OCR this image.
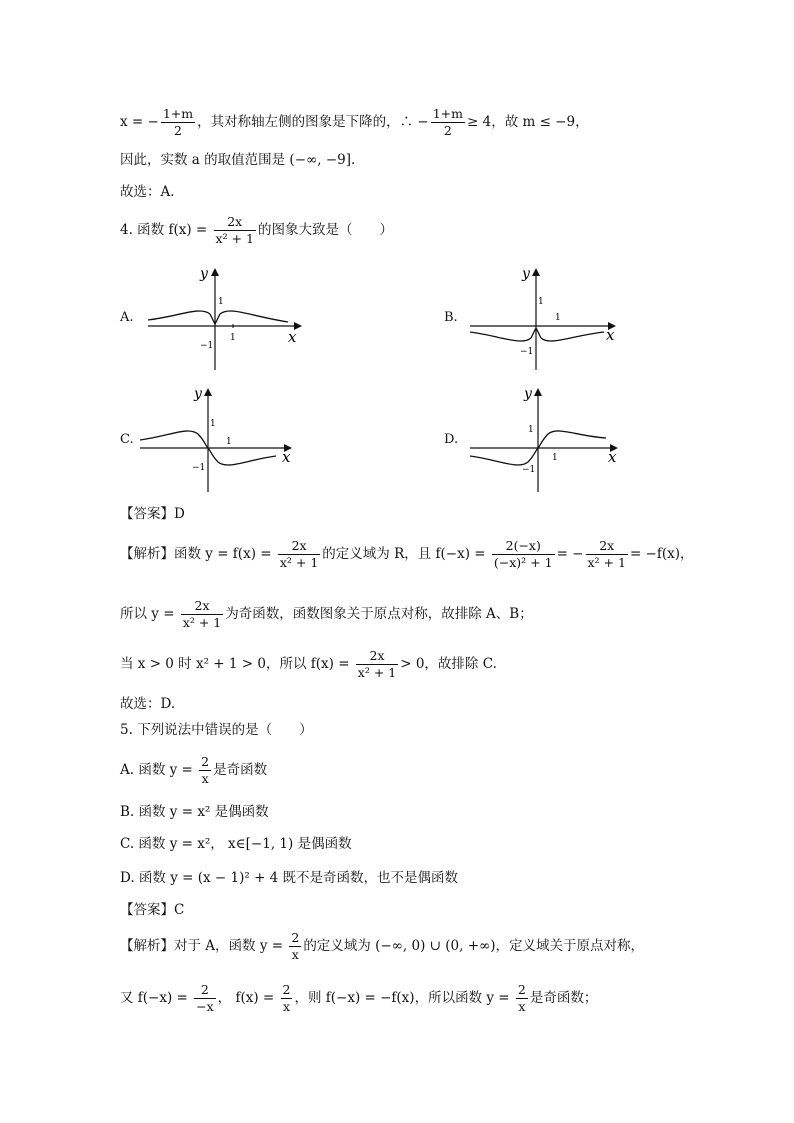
x = − $\frac{1+m}{2}$ ，其对称轴左侧的图象是下降的，∴ − $\frac{1+m}{2} \ge 4$，故 m ≤ −9，
因此，实数 a 的取值范围是 (−∞, −9].
故选：A.
4. 函数 $f(x) = \frac{2x}{\text{x² + 1}}$ 的图象大致是（　　）
A.	B.
C.	D.
y
x
1
1
−1
y
x
1
1
−1
y
x
1
1
−1
y
x
1
1
−1
【答案】D
【解析】函数 $y = f(x) = \frac{2x}{\text{x² + 1}}$ 的定义域为 R，且 $f(-x) = \frac{2(-x)}{\text{(−x)² + 1}}$ = − $\frac{2x}{\text{x² + 1}} = -f(x)$，
所以 $y = \frac{2x}{\text{x² + 1}}$ 为奇函数，函数图象关于原点对称，故排除 A、B；
当 x > 0 时 x² + 1 > 0，所以 $f(x) = \frac{2x}{\text{x² + 1}} > 0$，故排除 C.
故选：D.
5. 下列说法中错误的是（　　）
A. 函数 $y = \frac{2}{x}$ 是奇函数
B. 函数 y = x² 是偶函数
C. 函数 y = x²， x∈[−1, 1) 是偶函数
D. 函数 y = (x − 1)² + 4 既不是奇函数，也不是偶函数
【答案】C
【解析】对于 A，函数 $y = \frac{2}{x}$ 的定义域为 (−∞, 0) ∪ (0, +∞)，定义域关于原点对称，
又 $f(-x) = \frac{2}{-x}$ ， $f(x) = \frac{2}{x}$ ，则 f(−x) = −f(x)，所以函数 $y = \frac{2}{x}$ 是奇函数；
